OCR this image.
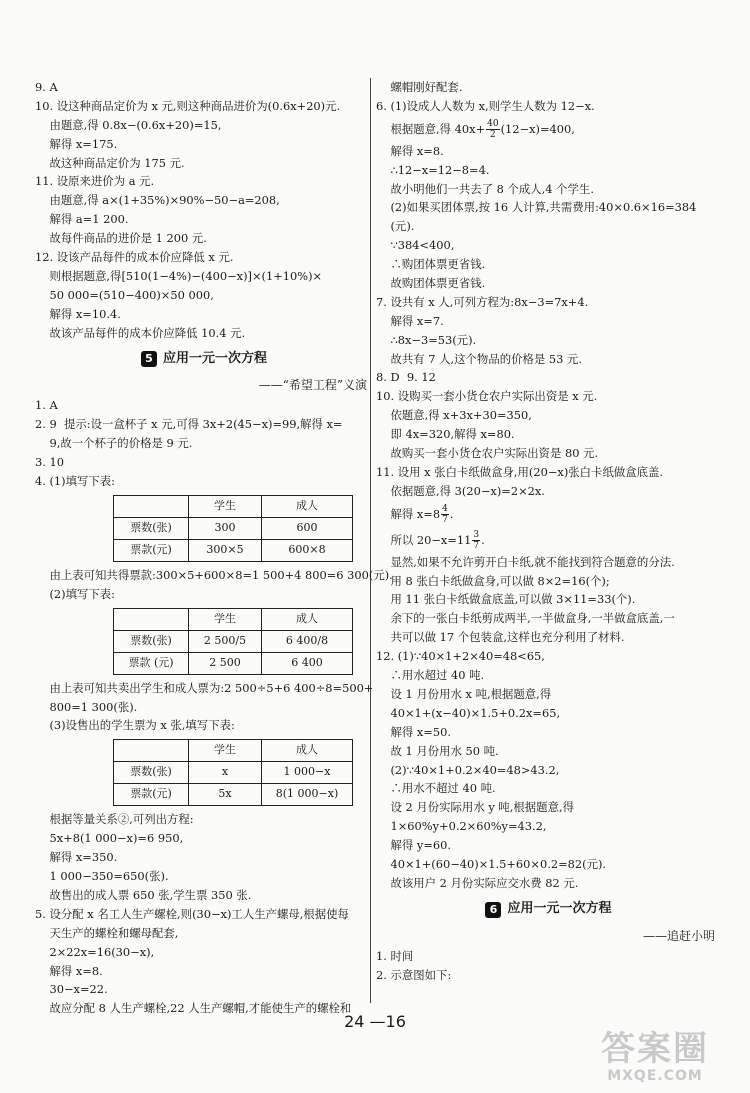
9. A
10. 设这种商品定价为 x 元,则这种商品进价为(0.6x+20)元.
由题意,得 0.8x−(0.6x+20)=15,
解得 x=175.
故这种商品定价为 175 元.
11. 设原来进价为 a 元.
由题意,得 a×(1+35%)×90%−50−a=208,
解得 a=1 200.
故每件商品的进价是 1 200 元.
12. 设该产品每件的成本价应降低 x 元.
则根据题意,得[510(1−4%)−(400−x)]×(1+10%)×
50 000=(510−400)×50 000,
解得 x=10.4.
故该产品每件的成本价应降低 10.4 元.
5 应用一元一次方程
——“希望工程”义演
1. A
2. 9  提示:设一盒杯子 x 元,可得 3x+2(45−x)=99,解得 x=
9,故一个杯子的价格是 9 元.
3. 10
4. (1)填写下表:
	学生	成人
票数(张)	300	600
票款(元)	300×5	600×8
由上表可知共得票款:300×5+600×8=1 500+4 800=6 300(元).
(2)填写下表:
	学生	成人
票数(张)	2 500/5	6 400/8
票款 (元)	2 500	6 400
由上表可知共卖出学生和成人票为:2 500÷5+6 400÷8=500+
800=1 300(张).
(3)设售出的学生票为 x 张,填写下表:
	学生	成人
票数(张)	x	1 000−x
票款(元)	5x	8(1 000−x)
根据等量关系②,可列出方程:
5x+8(1 000−x)=6 950,
解得 x=350.
1 000−350=650(张).
故售出的成人票 650 张,学生票 350 张.
5. 设分配 x 名工人生产螺栓,则(30−x)工人生产螺母,根据使每
天生产的螺栓和螺母配套,
2×22x=16(30−x),
解得 x=8.
30−x=22.
故应分配 8 人生产螺栓,22 人生产螺帽,才能使生产的螺栓和
螺帽刚好配套.
6. (1)设成人人数为 x,则学生人数为 12−x.
根据题意,得 $40x+ \frac{40}{2} (12-x)=400$,
解得 x=8.
∴12−x=12−8=4.
故小明他们一共去了 8 个成人,4 个学生.
(2)如果买团体票,按 16 人计算,共需费用:40×0.6×16=384
(元).
∵384<400,
∴购团体票更省钱.
故购团体票更省钱.
7. 设共有 x 人,可列方程为:8x−3=7x+4.
解得 x=7.
∴8x−3=53(元).
故共有 7 人,这个物品的价格是 53 元.
8. D  9. 12
10. 设购买一套小货仓农户实际出资是 x 元.
依题意,得 x+3x+30=350,
即 4x=320,解得 x=80.
故购买一套小货仓农户实际出资是 80 元.
11. 设用 x 张白卡纸做盒身,用(20−x)张白卡纸做盒底盖.
依据题意,得 3(20−x)=2×2x.
解得 $x=8 \frac{4}{7}$ .
所以 $20-x=11 \frac{3}{7}$ .
显然,如果不允许剪开白卡纸,就不能找到符合题意的分法.
用 8 张白卡纸做盒身,可以做 8×2=16(个);
用 11 张白卡纸做盒底盖,可以做 3×11=33(个).
余下的一张白卡纸剪成两半,一半做盒身,一半做盒底盖,一
共可以做 17 个包装盒,这样也充分利用了材料.
12. (1)∵40×1+2×40=48<65,
∴用水超过 40 吨.
设 1 月份用水 x 吨,根据题意,得
40×1+(x−40)×1.5+0.2x=65,
解得 x=50.
故 1 月份用水 50 吨.
(2)∵40×1+0.2×40=48>43.2,
∴用水不超过 40 吨.
设 2 月份实际用水 y 吨,根据题意,得
1×60%y+0.2×60%y=43.2,
解得 y=60.
40×1+(60−40)×1.5+60×0.2=82(元).
故该用户 2 月份实际应交水费 82 元.
6 应用一元一次方程
——追赶小明
1. 时间
2. 示意图如下:
24 —16
答案圈
MXQE.COM
